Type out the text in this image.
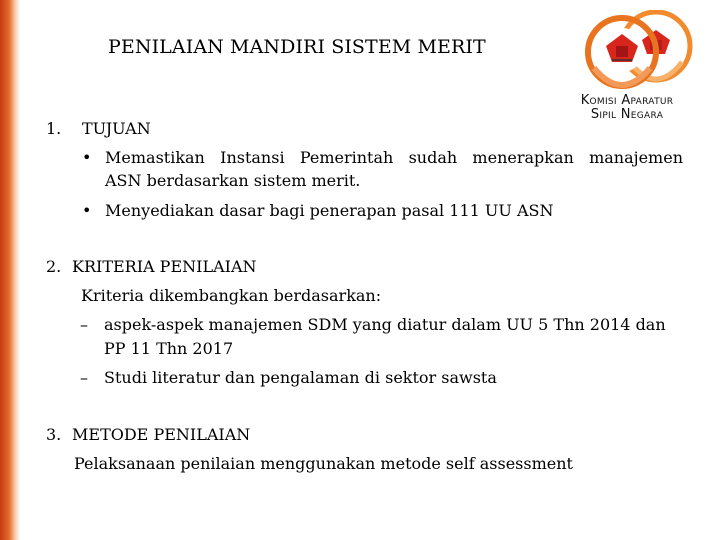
PENILAIAN MANDIRI SISTEM MERIT
Komisi Aparatur
Sipil Negara
1. TUJUAN
• Memastikan Instansi Pemerintah sudah menerapkan manajemen
ASN berdasarkan sistem merit.
• Menyediakan dasar bagi penerapan pasal 111 UU ASN
2. KRITERIA PENILAIAN
Kriteria dikembangkan berdasarkan:
– aspek-aspek manajemen SDM yang diatur dalam UU 5 Thn 2014 dan
PP 11 Thn 2017
– Studi literatur dan pengalaman di sektor sawsta
3. METODE PENILAIAN
Pelaksanaan penilaian menggunakan metode self assessment
